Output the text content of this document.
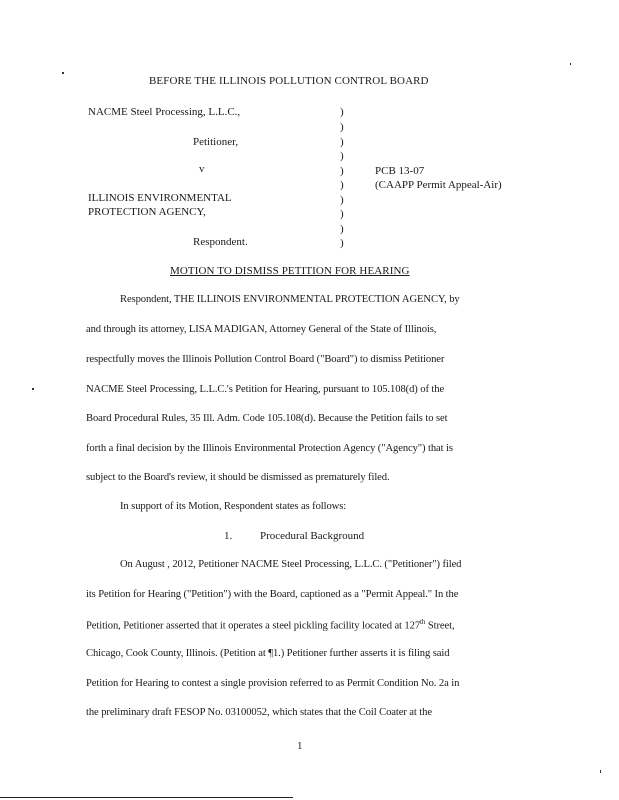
BEFORE THE ILLINOIS POLLUTION CONTROL BOARD
NACME Steel Processing, L.L.C.,
Petitioner,
v
ILLINOIS ENVIRONMENTAL
PROTECTION AGENCY,
Respondent.
)
)
)
)
)
)
)
)
)
)
PCB 13-07
(CAAPP Permit Appeal-Air)
MOTION TO DISMISS PETITION FOR HEARING
Respondent, THE ILLINOIS ENVIRONMENTAL PROTECTION AGENCY, by
and through its attorney, LISA MADIGAN, Attorney General of the State of Illinois,
respectfully moves the Illinois Pollution Control Board ("Board") to dismiss Petitioner
NACME Steel Processing, L.L.C.'s Petition for Hearing, pursuant to 105.108(d) of the
Board Procedural Rules, 35 Ill. Adm. Code 105.108(d). Because the Petition fails to set
forth a final decision by the Illinois Environmental Protection Agency ("Agency") that is
subject to the Board's review, it should be dismissed as prematurely filed.
In support of its Motion, Respondent states as follows:
1.	Procedural Background
On August , 2012, Petitioner NACME Steel Processing, L.L.C. ("Petitioner") filed
its Petition for Hearing ("Petition") with the Board, captioned as a "Permit Appeal." In the
Petition, Petitioner asserted that it operates a steel pickling facility located at 127th Street,
Chicago, Cook County, Illinois. (Petition at ¶1.) Petitioner further asserts it is filing said
Petition for Hearing to contest a single provision referred to as Permit Condition No. 2a in
the preliminary draft FESOP No. 03100052, which states that the Coil Coater at the
1
